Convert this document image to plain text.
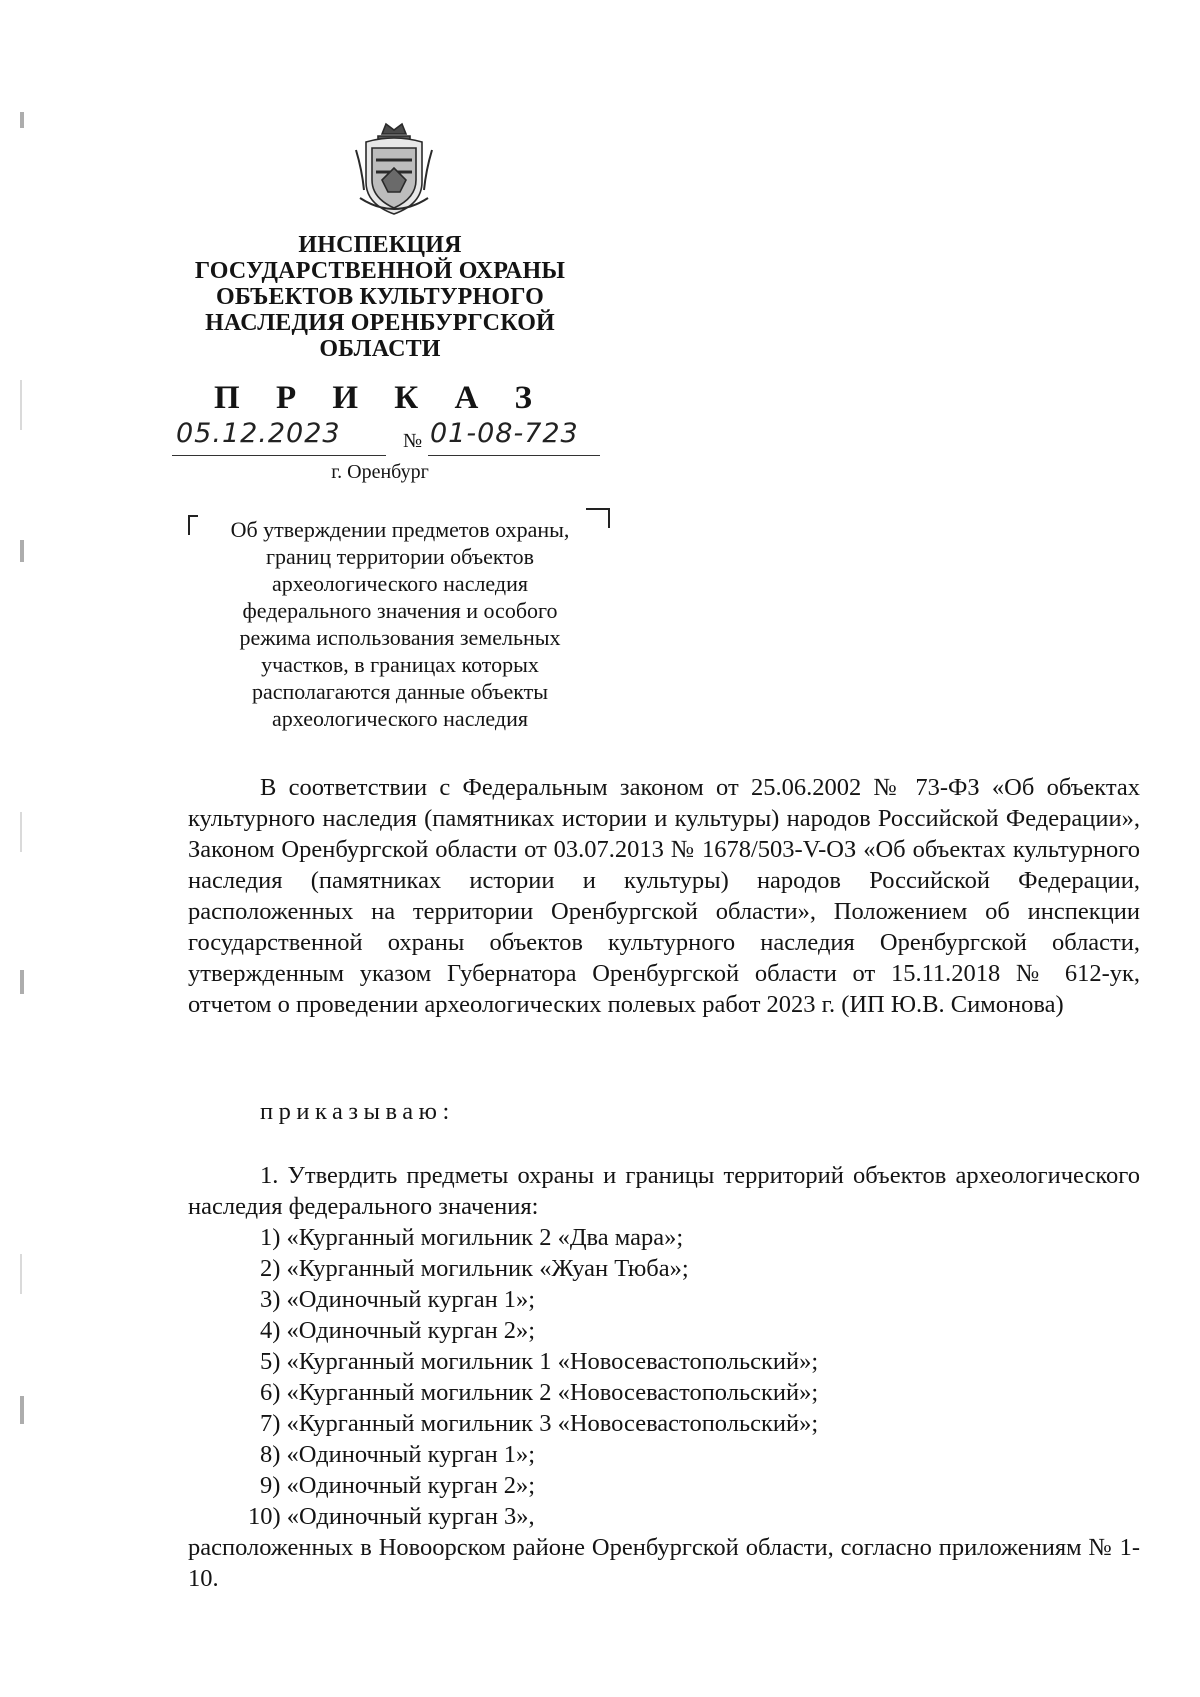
ИНСПЕКЦИЯ
ГОСУДАРСТВЕННОЙ ОХРАНЫ
ОБЪЕКТОВ КУЛЬТУРНОГО
НАСЛЕДИЯ ОРЕНБУРГСКОЙ
ОБЛАСТИ
П Р И К А З
05.12.2023	№ 01-08-723
г. Оренбург
Об утверждении предметов охраны,
границ территории объектов
археологического наследия
федерального значения и особого
режима использования земельных
участков, в границах которых
располагаются данные объекты
археологического наследия
В соответствии с Федеральным законом от 25.06.2002 № 73-ФЗ «Об объектах культурного наследия (памятниках истории и культуры) народов Российской Федерации», Законом Оренбургской области от 03.07.2013 № 1678/503-V-ОЗ «Об объектах культурного наследия (памятниках истории и культуры) народов Российской Федерации, расположенных на территории Оренбургской области», Положением об инспекции государственной охраны объектов культурного наследия Оренбургской области, утвержденным указом Губернатора Оренбургской области от 15.11.2018 № 612-ук, отчетом о проведении археологических полевых работ 2023 г. (ИП Ю.В. Симонова)
приказываю:
1. Утвердить предметы охраны и границы территорий объектов археологического наследия федерального значения:
1) «Курганный могильник 2 «Два мара»;
2) «Курганный могильник «Жуан Тюба»;
3) «Одиночный курган 1»;
4) «Одиночный курган 2»;
5) «Курганный могильник 1 «Новосевастопольский»;
6) «Курганный могильник 2 «Новосевастопольский»;
7) «Курганный могильник 3 «Новосевастопольский»;
8) «Одиночный курган 1»;
9) «Одиночный курган 2»;
10) «Одиночный курган 3»,
расположенных в Новоорском районе Оренбургской области, согласно приложениям № 1-10.
